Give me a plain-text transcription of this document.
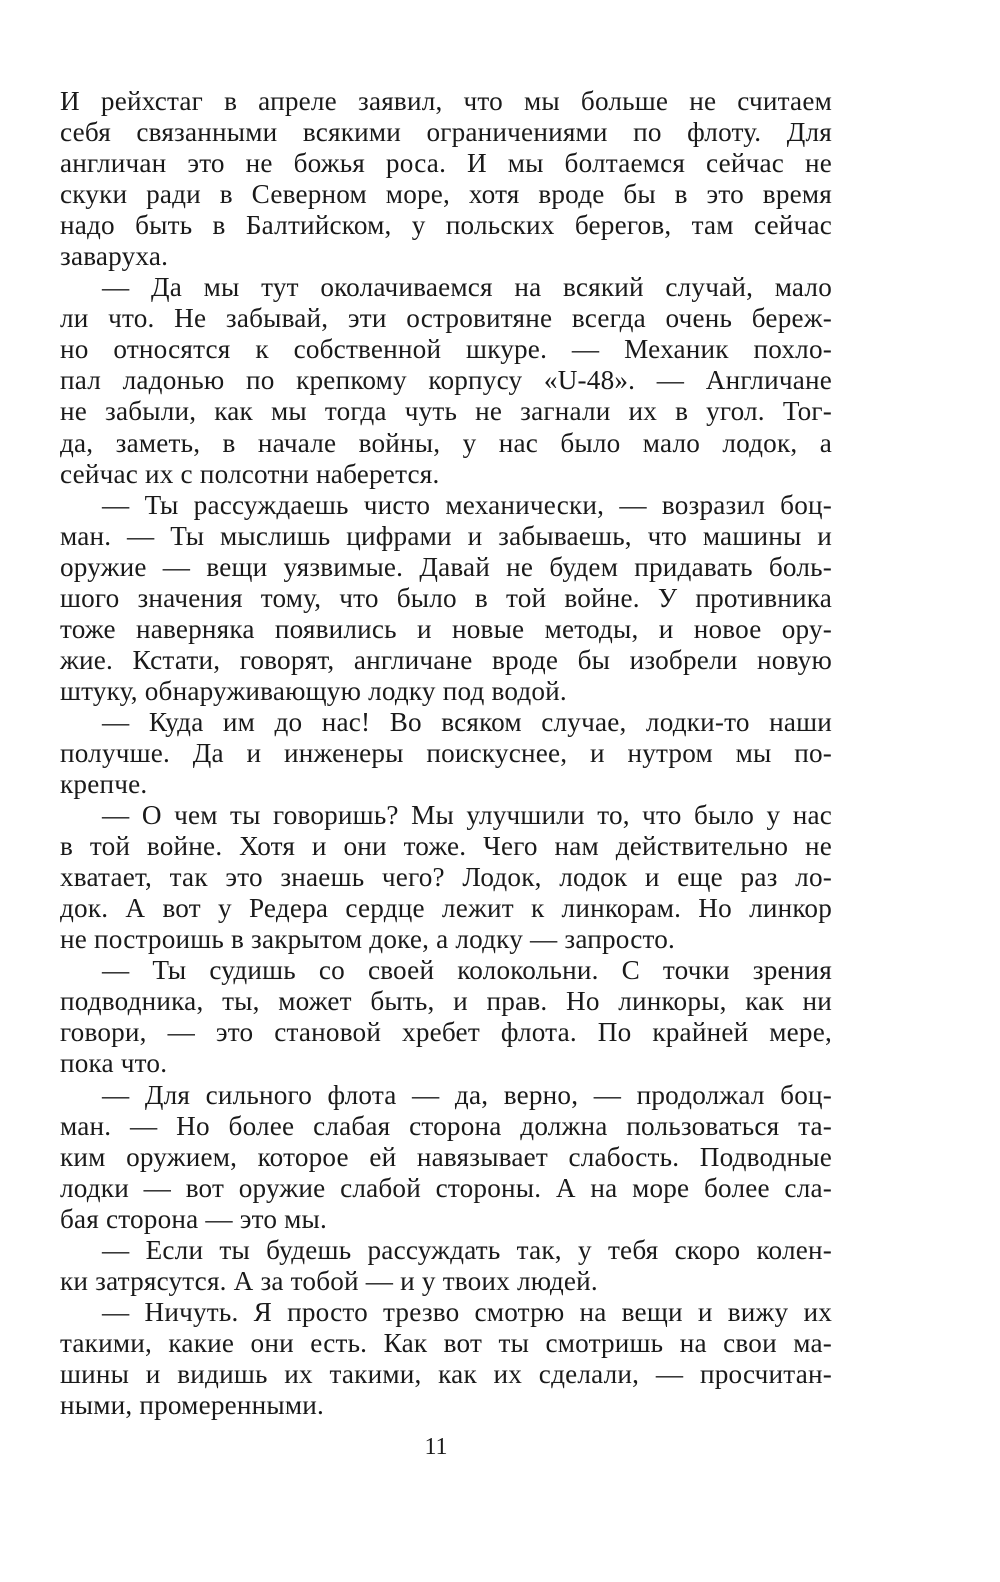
И рейхстаг в апреле заявил, что мы больше не считаем
себя связанными всякими ограничениями по флоту. Для
англичан это не божья роса. И мы болтаемся сейчас не
скуки ради в Северном море, хотя вроде бы в это время
надо быть в Балтийском, у польских берегов, там сейчас
заваруха.
— Да мы тут околачиваемся на всякий случай, мало
ли что. Не забывай, эти островитяне всегда очень береж-
но относятся к собственной шкуре. — Механик похло-
пал ладонью по крепкому корпусу «U-48». — Англичане
не забыли, как мы тогда чуть не загнали их в угол. Тог-
да, заметь, в начале войны, у нас было мало лодок, а
сейчас их с полсотни наберется.
— Ты рассуждаешь чисто механически, — возразил боц-
ман. — Ты мыслишь цифрами и забываешь, что машины и
оружие — вещи уязвимые. Давай не будем придавать боль-
шого значения тому, что было в той войне. У противника
тоже наверняка появились и новые методы, и новое ору-
жие. Кстати, говорят, англичане вроде бы изобрели новую
штуку, обнаруживающую лодку под водой.
— Куда им до нас! Во всяком случае, лодки-то наши
получше. Да и инженеры поискуснее, и нутром мы по-
крепче.
— О чем ты говоришь? Мы улучшили то, что было у нас
в той войне. Хотя и они тоже. Чего нам действительно не
хватает, так это знаешь чего? Лодок, лодок и еще раз ло-
док. А вот у Редера сердце лежит к линкорам. Но линкор
не построишь в закрытом доке, а лодку — запросто.
— Ты судишь со своей колокольни. С точки зрения
подводника, ты, может быть, и прав. Но линкоры, как ни
говори, — это становой хребет флота. По крайней мере,
пока что.
— Для сильного флота — да, верно, — продолжал боц-
ман. — Но более слабая сторона должна пользоваться та-
ким оружием, которое ей навязывает слабость. Подводные
лодки — вот оружие слабой стороны. А на море более сла-
бая сторона — это мы.
— Если ты будешь рассуждать так, у тебя скоро колен-
ки затрясутся. А за тобой — и у твоих людей.
— Ничуть. Я просто трезво смотрю на вещи и вижу их
такими, какие они есть. Как вот ты смотришь на свои ма-
шины и видишь их такими, как их сделали, — просчитан-
ными, промеренными.
11
